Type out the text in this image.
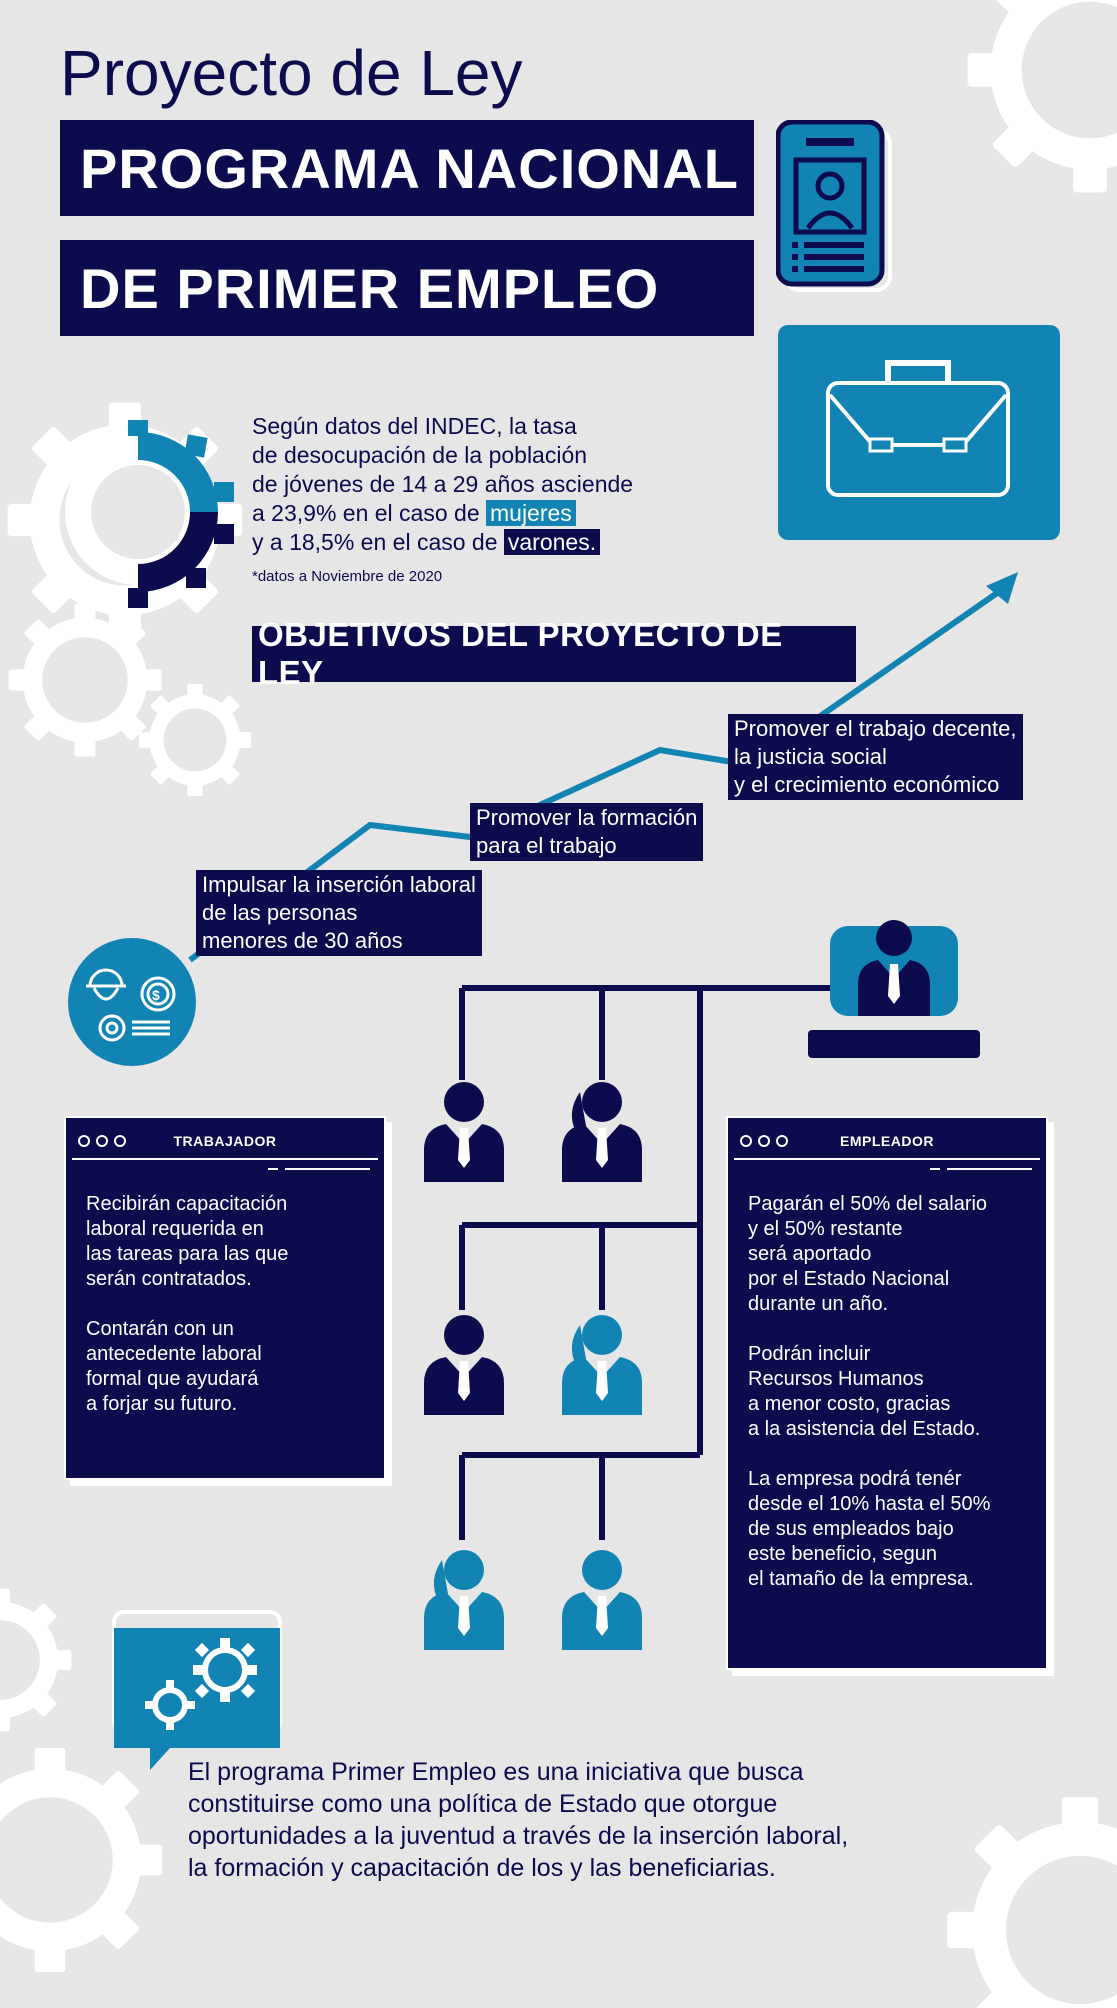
Proyecto de Ley
PROGRAMA NACIONAL
DE PRIMER EMPLEO
Según datos del INDEC, la tasa
de desocupación de la población
de jóvenes de 14 a 29 años asciende
a 23,9% en el caso de mujeres
y a 18,5% en el caso de varones.
*datos a Noviembre de 2020
OBJETIVOS DEL PROYECTO DE LEY
$
Impulsar la inserción laboral
de las personas
menores de 30 años
Promover la formación
para el trabajo
Promover el trabajo decente,
la justicia social
y el crecimiento económico
TRABAJADOR

Recibirán capacitación
laboral requerida en
las tareas para las que
serán contratados.

Contarán con un
antecedente laboral
formal que ayudará
a forjar su futuro.

EMPLEADOR

Pagarán el 50% del salario
y el 50% restante
será aportado
por el Estado Nacional
durante un año.

Podrán incluir
Recursos Humanos
a menor costo, gracias
a la asistencia del Estado.

La empresa podrá tenér
desde el 10% hasta el 50%
de sus empleados bajo
este beneficio, segun
el tamaño de la empresa.

El programa Primer Empleo es una iniciativa que busca
constituirse como una política de Estado que otorgue
oportunidades a la juventud a través de la inserción laboral,
la formación y capacitación de los y las beneficiarias.
